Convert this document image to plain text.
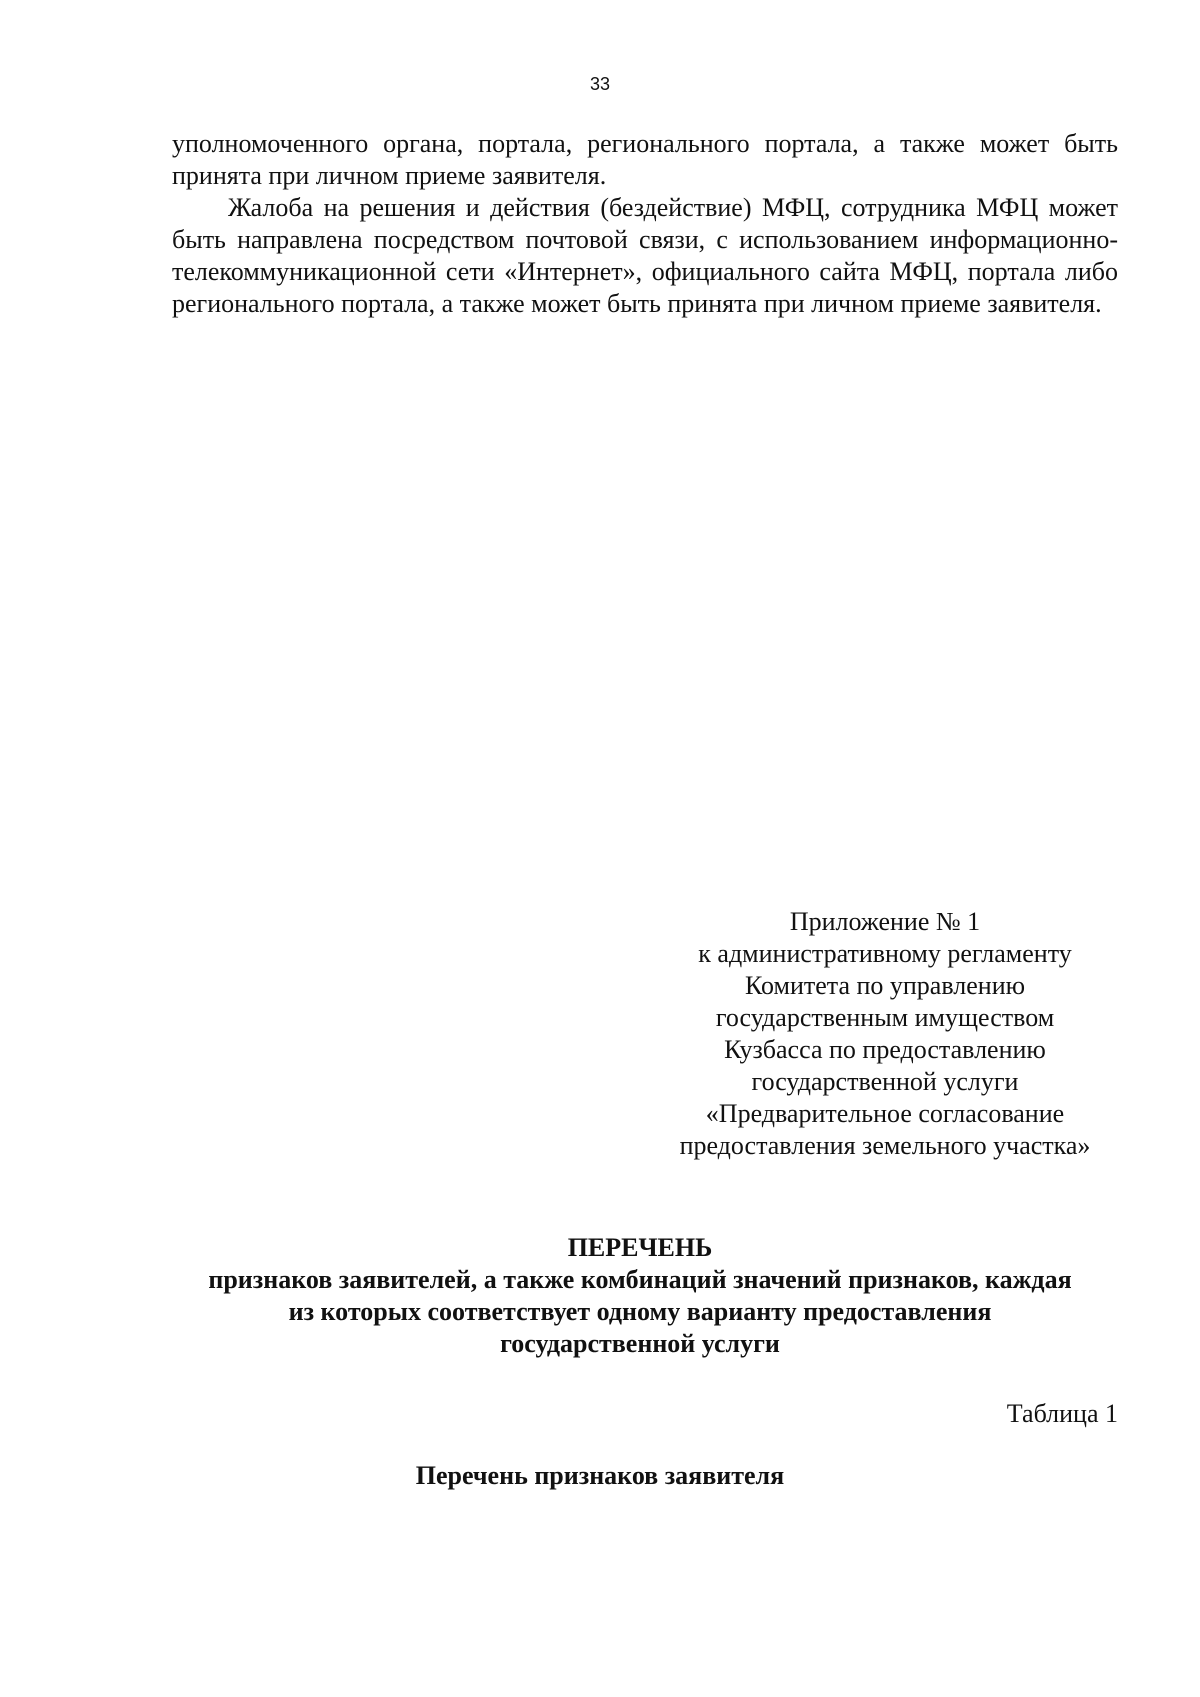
33

уполномоченного органа, портала, регионального портала, а также может быть принята при личном приеме заявителя.

Жалоба на решения и действия (бездействие) МФЦ, сотрудника МФЦ может быть направлена посредством почтовой связи, с использованием информационно-телекоммуникационной сети «Интернет», официального сайта МФЦ, портала либо регионального портала, а также может быть принята при личном приеме заявителя.

Приложение № 1
к административному регламенту
Комитета по управлению
государственным имуществом
Кузбасса по предоставлению
государственной услуги
«Предварительное согласование
предоставления земельного участка»
ПЕРЕЧЕНЬ
признаков заявителей, а также комбинаций значений признаков, каждая
из которых соответствует одному варианту предоставления
государственной услуги
Таблица 1
Перечень признаков заявителя
